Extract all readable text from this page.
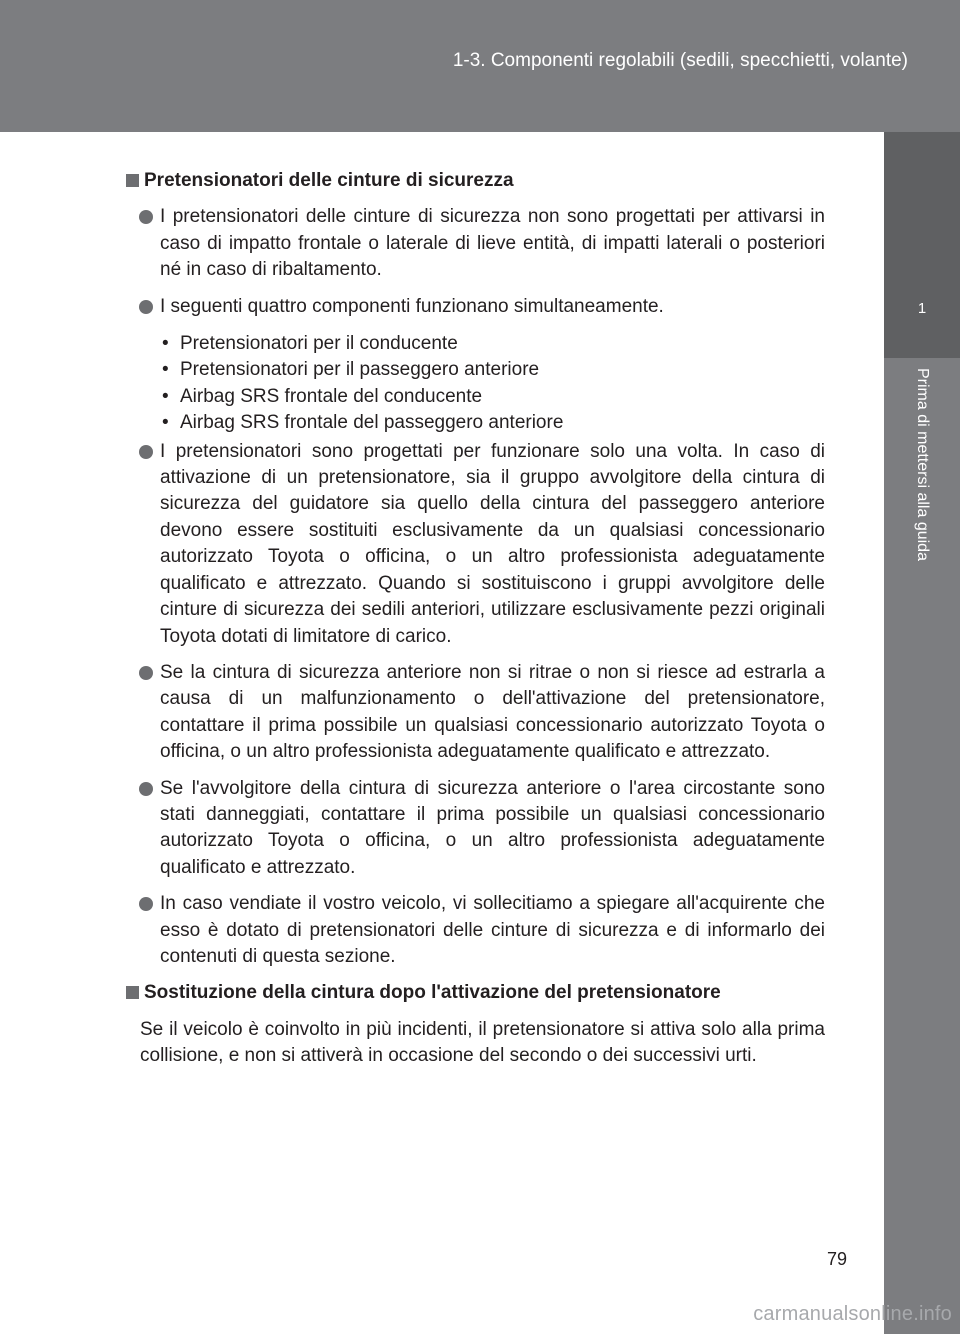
1-3. Componenti regolabili (sedili, specchietti, volante)
1
Prima di mettersi alla guida

Pretensionatori delle cinture di sicurezza

I pretensionatori delle cinture di sicurezza non sono progettati per attivarsi in caso di impatto frontale o laterale di lieve entità, di impatti laterali o posteriori né in caso di ribaltamento.

I seguenti quattro componenti funzionano simultaneamente.

• Pretensionatori per il conducente

• Pretensionatori per il passeggero anteriore

• Airbag SRS frontale del conducente

• Airbag SRS frontale del passeggero anteriore

I pretensionatori sono progettati per funzionare solo una volta. In caso di attivazione di un pretensionatore, sia il gruppo avvolgitore della cintura di sicurezza del guidatore sia quello della cintura del passeggero anteriore devono essere sostituiti esclusivamente da un qualsiasi concessionario autorizzato Toyota o officina, o un altro professionista adeguatamente qualificato e attrezzato. Quando si sostituiscono i gruppi avvolgitore delle cinture di sicurezza dei sedili anteriori, utilizzare esclusivamente pezzi originali Toyota dotati di limitatore di carico.

Se la cintura di sicurezza anteriore non si ritrae o non si riesce ad estrarla a causa di un malfunzionamento o dell'attivazione del pretensionatore, contattare il prima possibile un qualsiasi concessionario autorizzato Toyota o officina, o un altro professionista adeguatamente qualificato e attrezzato.

Se l'avvolgitore della cintura di sicurezza anteriore o l'area circostante sono stati danneggiati, contattare il prima possibile un qualsiasi concessionario autorizzato Toyota o officina, o un altro professionista adeguatamente qualificato e attrezzato.

In caso vendiate il vostro veicolo, vi sollecitiamo a spiegare all'acquirente che esso è dotato di pretensionatori delle cinture di sicurezza e di informarlo dei contenuti di questa sezione.

Sostituzione della cintura dopo l'attivazione del pretensionatore

Se il veicolo è coinvolto in più incidenti, il pretensionatore si attiva solo alla prima collisione, e non si attiverà in occasione del secondo o dei successivi urti.

79
carmanualsonline.info
